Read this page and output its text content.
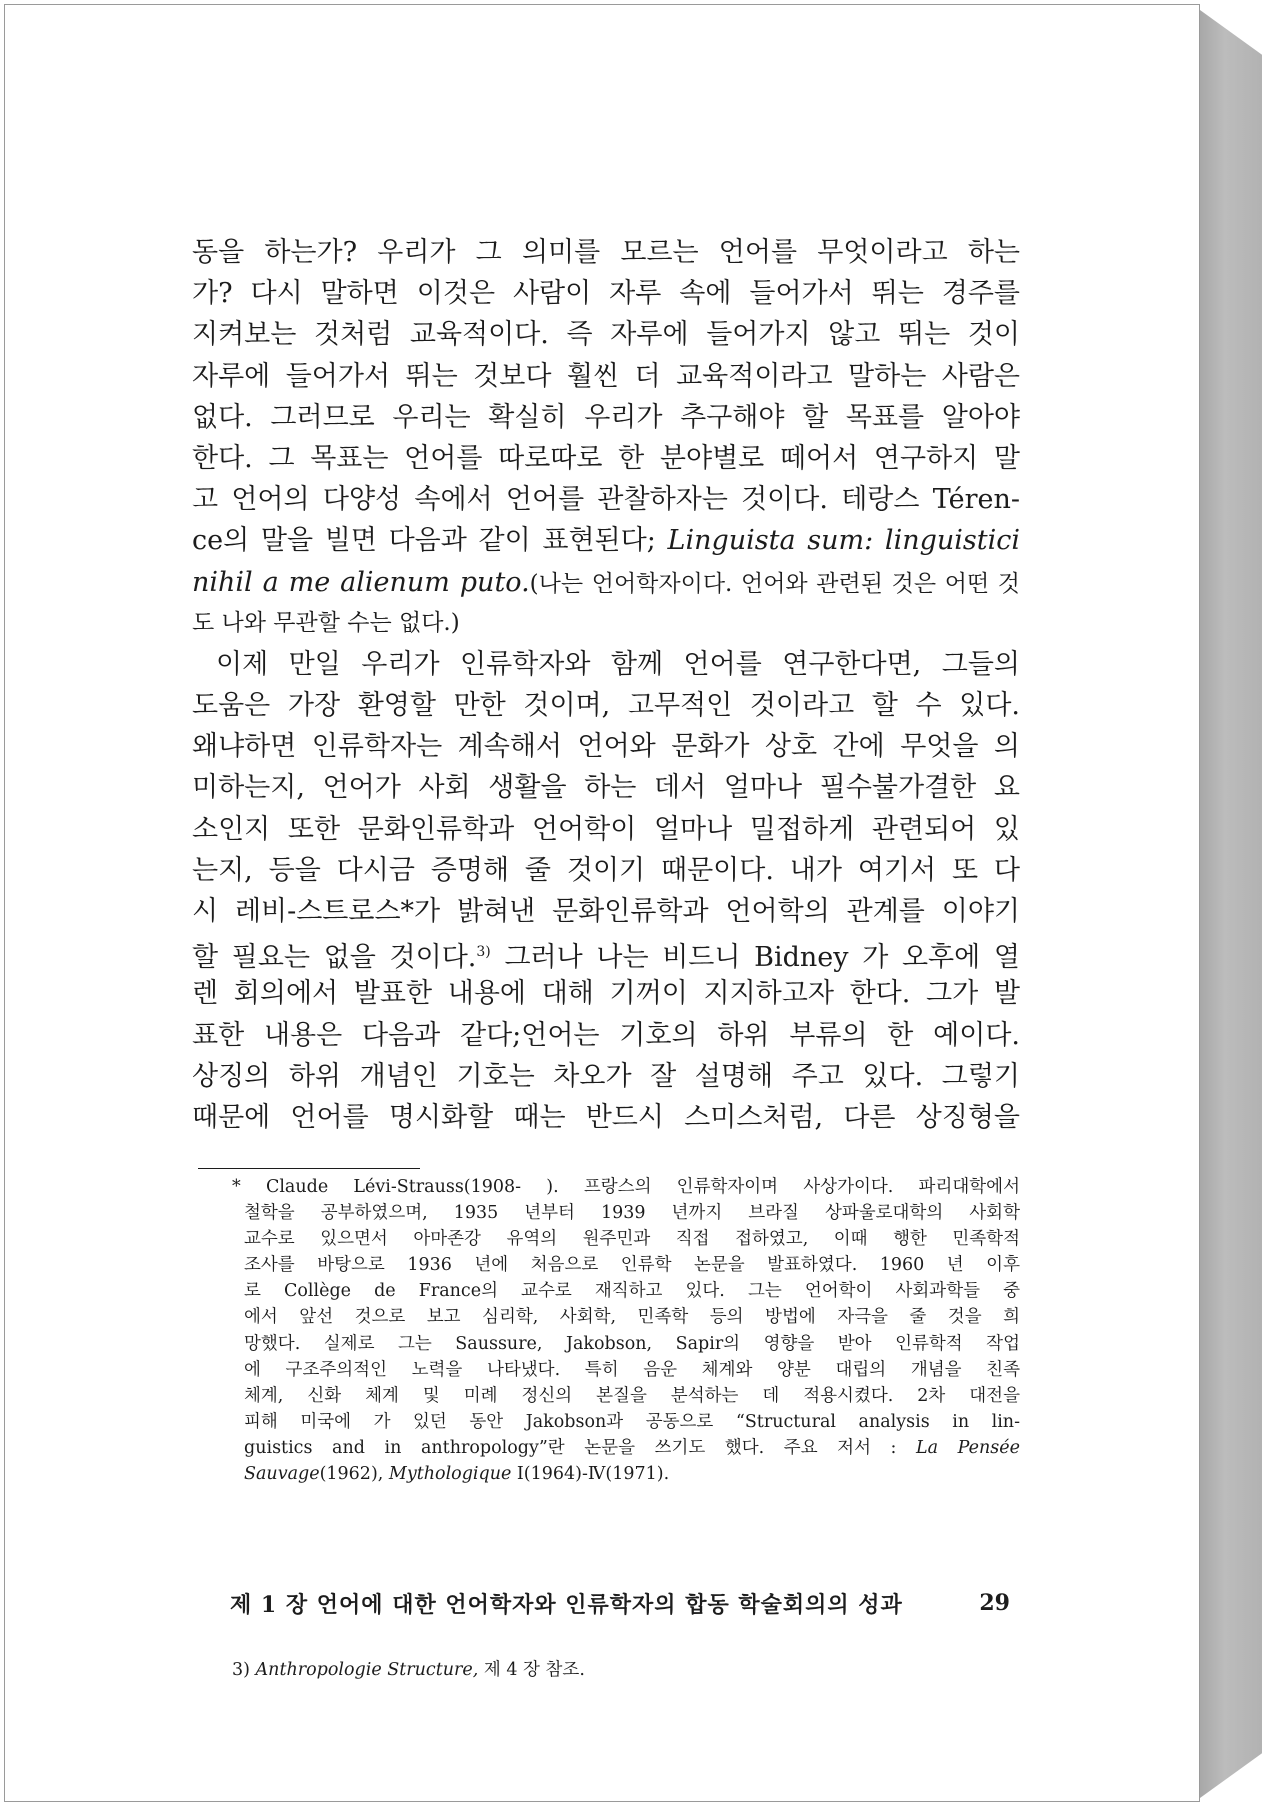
동을 하는가? 우리가 그 의미를 모르는 언어를 무엇이라고 하는
가? 다시 말하면 이것은 사람이 자루 속에 들어가서 뛰는 경주를
지켜보는 것처럼 교육적이다. 즉 자루에 들어가지 않고 뛰는 것이
자루에 들어가서 뛰는 것보다 훨씬 더 교육적이라고 말하는 사람은
없다. 그러므로 우리는 확실히 우리가 추구해야 할 목표를 알아야
한다. 그 목표는 언어를 따로따로 한 분야별로 떼어서 연구하지 말
고 언어의 다양성 속에서 언어를 관찰하자는 것이다. 테랑스 Téren-
ce의 말을 빌면 다음과 같이 표현된다; Linguista sum: linguistici
nihil a me alienum puto.(나는 언어학자이다. 언어와 관련된 것은 어떤 것
도 나와 무관할 수는 없다.)
이제 만일 우리가 인류학자와 함께 언어를 연구한다면, 그들의
도움은 가장 환영할 만한 것이며, 고무적인 것이라고 할 수 있다.
왜냐하면 인류학자는 계속해서 언어와 문화가 상호 간에 무엇을 의
미하는지, 언어가 사회 생활을 하는 데서 얼마나 필수불가결한 요
소인지 또한 문화인류학과 언어학이 얼마나 밀접하게 관련되어 있
는지, 등을 다시금 증명해 줄 것이기 때문이다. 내가 여기서 또 다
시 레비-스트로스*가 밝혀낸 문화인류학과 언어학의 관계를 이야기
할 필요는 없을 것이다.$^{3)}$ 그러나 나는 비드니 Bidney 가 오후에 열
렌 회의에서 발표한 내용에 대해 기꺼이 지지하고자 한다. 그가 발
표한 내용은 다음과 같다;언어는 기호의 하위 부류의 한 예이다.
상징의 하위 개념인 기호는 차오가 잘 설명해 주고 있다. 그렇기
때문에 언어를 명시화할 때는 반드시 스미스처럼, 다른 상징형을
* Claude Lévi-Strauss(1908- ). 프랑스의 인류학자이며 사상가이다. 파리대학에서
철학을 공부하였으며, 1935 년부터 1939 년까지 브라질 상파울로대학의 사회학
교수로 있으면서 아마존강 유역의 원주민과 직접 접하였고, 이때 행한 민족학적
조사를 바탕으로 1936 년에 처음으로 인류학 논문을 발표하였다. 1960 년 이후
로 Collège de France의 교수로 재직하고 있다. 그는 언어학이 사회과학들 중
에서 앞선 것으로 보고 심리학, 사회학, 민족학 등의 방법에 자극을 줄 것을 희
망했다. 실제로 그는 Saussure, Jakobson, Sapir의 영향을 받아 인류학적 작업
에 구조주의적인 노력을 나타냈다. 특히 음운 체계와 양분 대립의 개념을 친족
체계, 신화 체계 및 미례 정신의 본질을 분석하는 데 적용시켰다. 2차 대전을
피해 미국에 가 있던 동안 Jakobson과 공동으로 “Structural analysis in lin-
guistics and in anthropology”란 논문을 쓰기도 했다. 주요 저서 : La Pensée
Sauvage(1962), Mythologique Ⅰ(1964)-Ⅳ(1971).
3) Anthropologie Structure, 제 4 장 참조.
제 1 장 언어에 대한 언어학자와 인류학자의 합동 학술회의의 성과	29
